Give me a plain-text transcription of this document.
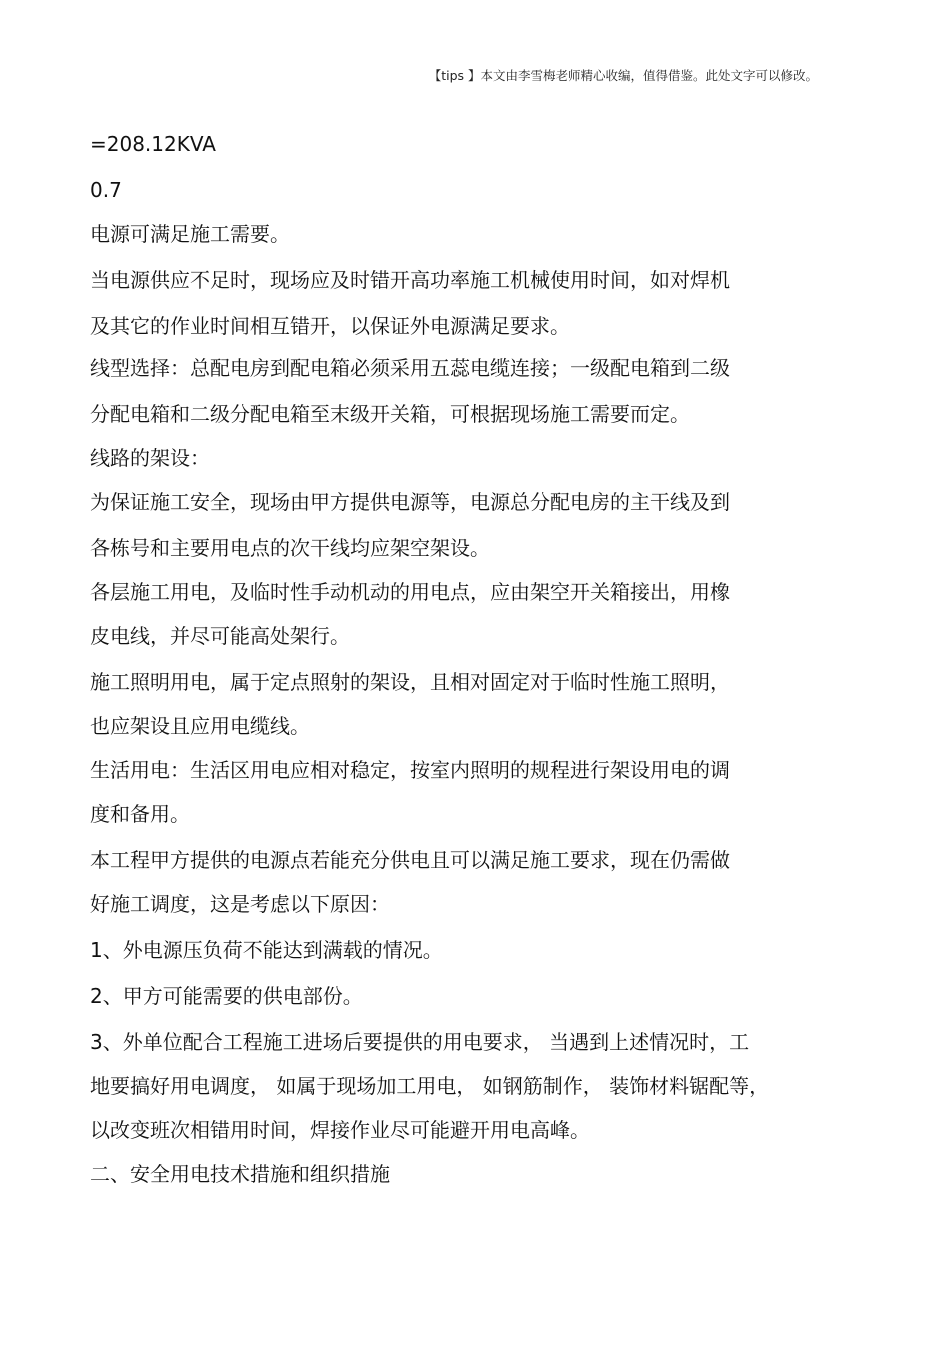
【tips 】本文由李雪梅老师精心收编，值得借鉴。此处文字可以修改。
=208.12KVA
0.7
电源可满足施工需要。
当电源供应不足时，现场应及时错开高功率施工机械使用时间，如对焊机
及其它的作业时间相互错开，以保证外电源满足要求。
线型选择：总配电房到配电箱必须采用五蕊电缆连接；一级配电箱到二级
分配电箱和二级分配电箱至末级开关箱，可根据现场施工需要而定。
线路的架设：
为保证施工安全，现场由甲方提供电源等，电源总分配电房的主干线及到
各栋号和主要用电点的次干线均应架空架设。
各层施工用电，及临时性手动机动的用电点，应由架空开关箱接出，用橡
皮电线，并尽可能高处架行。
施工照明用电，属于定点照射的架设，且相对固定对于临时性施工照明，
也应架设且应用电缆线。
生活用电：生活区用电应相对稳定，按室内照明的规程进行架设用电的调
度和备用。
本工程甲方提供的电源点若能充分供电且可以满足施工要求，现在仍需做
好施工调度，这是考虑以下原因：
1、外电源压负荷不能达到满载的情况。
2、甲方可能需要的供电部份。
3、外单位配合工程施工进场后要提供的用电要求， 当遇到上述情况时，工
地要搞好用电调度， 如属于现场加工用电， 如钢筋制作， 装饰材料锯配等，
以改变班次相错用时间，焊接作业尽可能避开用电高峰。
二、安全用电技术措施和组织措施
